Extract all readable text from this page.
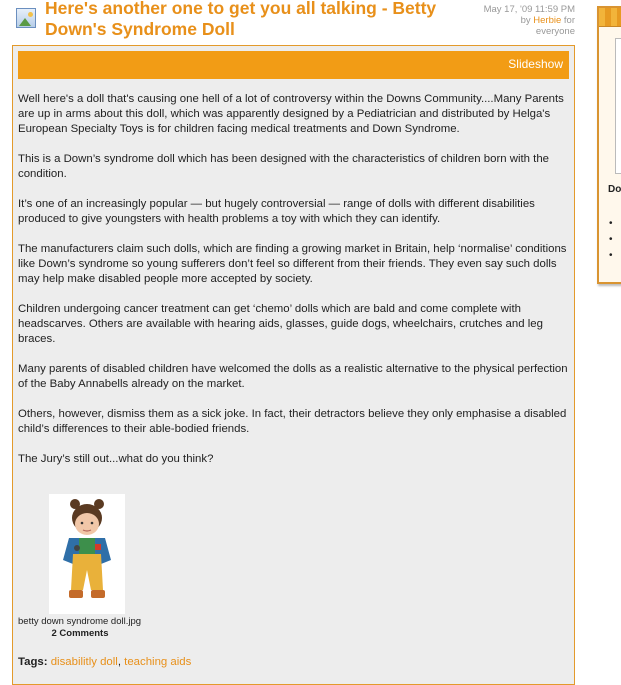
Here's another one to get you all talking - Betty Down's Syndrome Doll
May 17, '09 11:59 PM
by Herbie for
everyone
Slideshow

Well here's a doll that's causing one hell of a lot of controversy within the Downs Community....Many Parents are up in arms about this doll, which was apparently designed by a Pediatrician and distributed by Helga's European Specialty Toys is for children facing medical treatments and Down Syndrome.

This is a Down’s syndrome doll which has been designed with the characteristics of children born with the condition.

It’s one of an increasingly popular — but hugely controversial — range of dolls with different disabilities produced to give youngsters with health problems a toy with which they can identify.

The manufacturers claim such dolls, which are finding a growing market in Britain, help ‘normalise’ conditions like Down’s syndrome so young sufferers don’t feel so different from their friends. They even say such dolls may help make disabled people more accepted by society.

Children undergoing cancer treatment can get ‘chemo’ dolls which are bald and come complete with headscarves. Others are available with hearing aids, glasses, guide dogs, wheelchairs, crutches and leg braces.

Many parents of disabled children have welcomed the dolls as a realistic alternative to the physical perfection of the Baby Annabells already on the market.

Others, however, dismiss them as a sick joke. In fact, their detractors believe they only emphasise a disabled child’s differences to their able-bodied friends.

The Jury’s still out...what do you think?

betty down syndrome doll.jpg
2 Comments
Tags: disabilitly doll, teaching aids
Do
•
•
•
